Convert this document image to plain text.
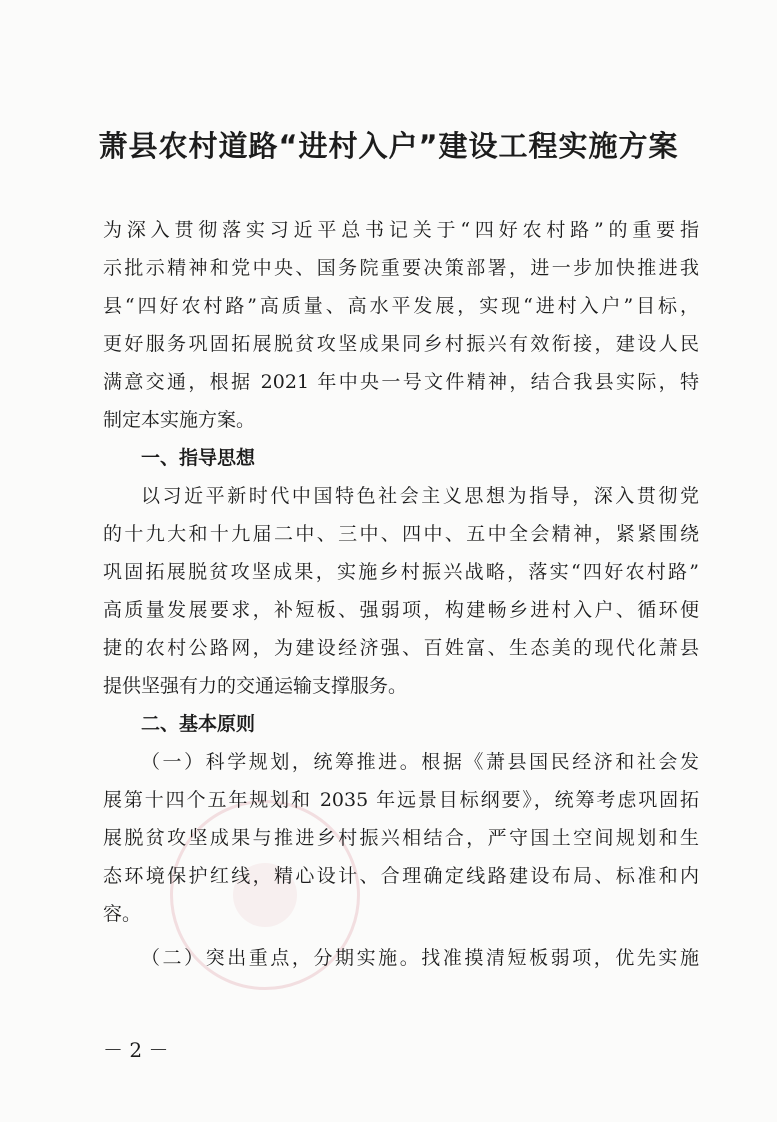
萧县农村道路“进村入户”建设工程实施方案

为深入贯彻落实习近平总书记关于“四好农村路”的重要指

示批示精神和党中央、国务院重要决策部署，进一步加快推进我

县“四好农村路”高质量、高水平发展，实现“进村入户”目标，

更好服务巩固拓展脱贫攻坚成果同乡村振兴有效衔接，建设人民

满意交通，根据 2021 年中央一号文件精神，结合我县实际，特

制定本实施方案。

一、指导思想

以习近平新时代中国特色社会主义思想为指导，深入贯彻党

的十九大和十九届二中、三中、四中、五中全会精神，紧紧围绕

巩固拓展脱贫攻坚成果，实施乡村振兴战略，落实“四好农村路”

高质量发展要求，补短板、强弱项，构建畅乡进村入户、循环便

捷的农村公路网，为建设经济强、百姓富、生态美的现代化萧县

提供坚强有力的交通运输支撑服务。

二、基本原则

（一）科学规划，统筹推进。根据《萧县国民经济和社会发

展第十四个五年规划和 2035 年远景目标纲要》，统筹考虑巩固拓

展脱贫攻坚成果与推进乡村振兴相结合，严守国土空间规划和生

态环境保护红线，精心设计、合理确定线路建设布局、标准和内

容。

（二）突出重点，分期实施。找准摸清短板弱项，优先实施

－ 2 －
